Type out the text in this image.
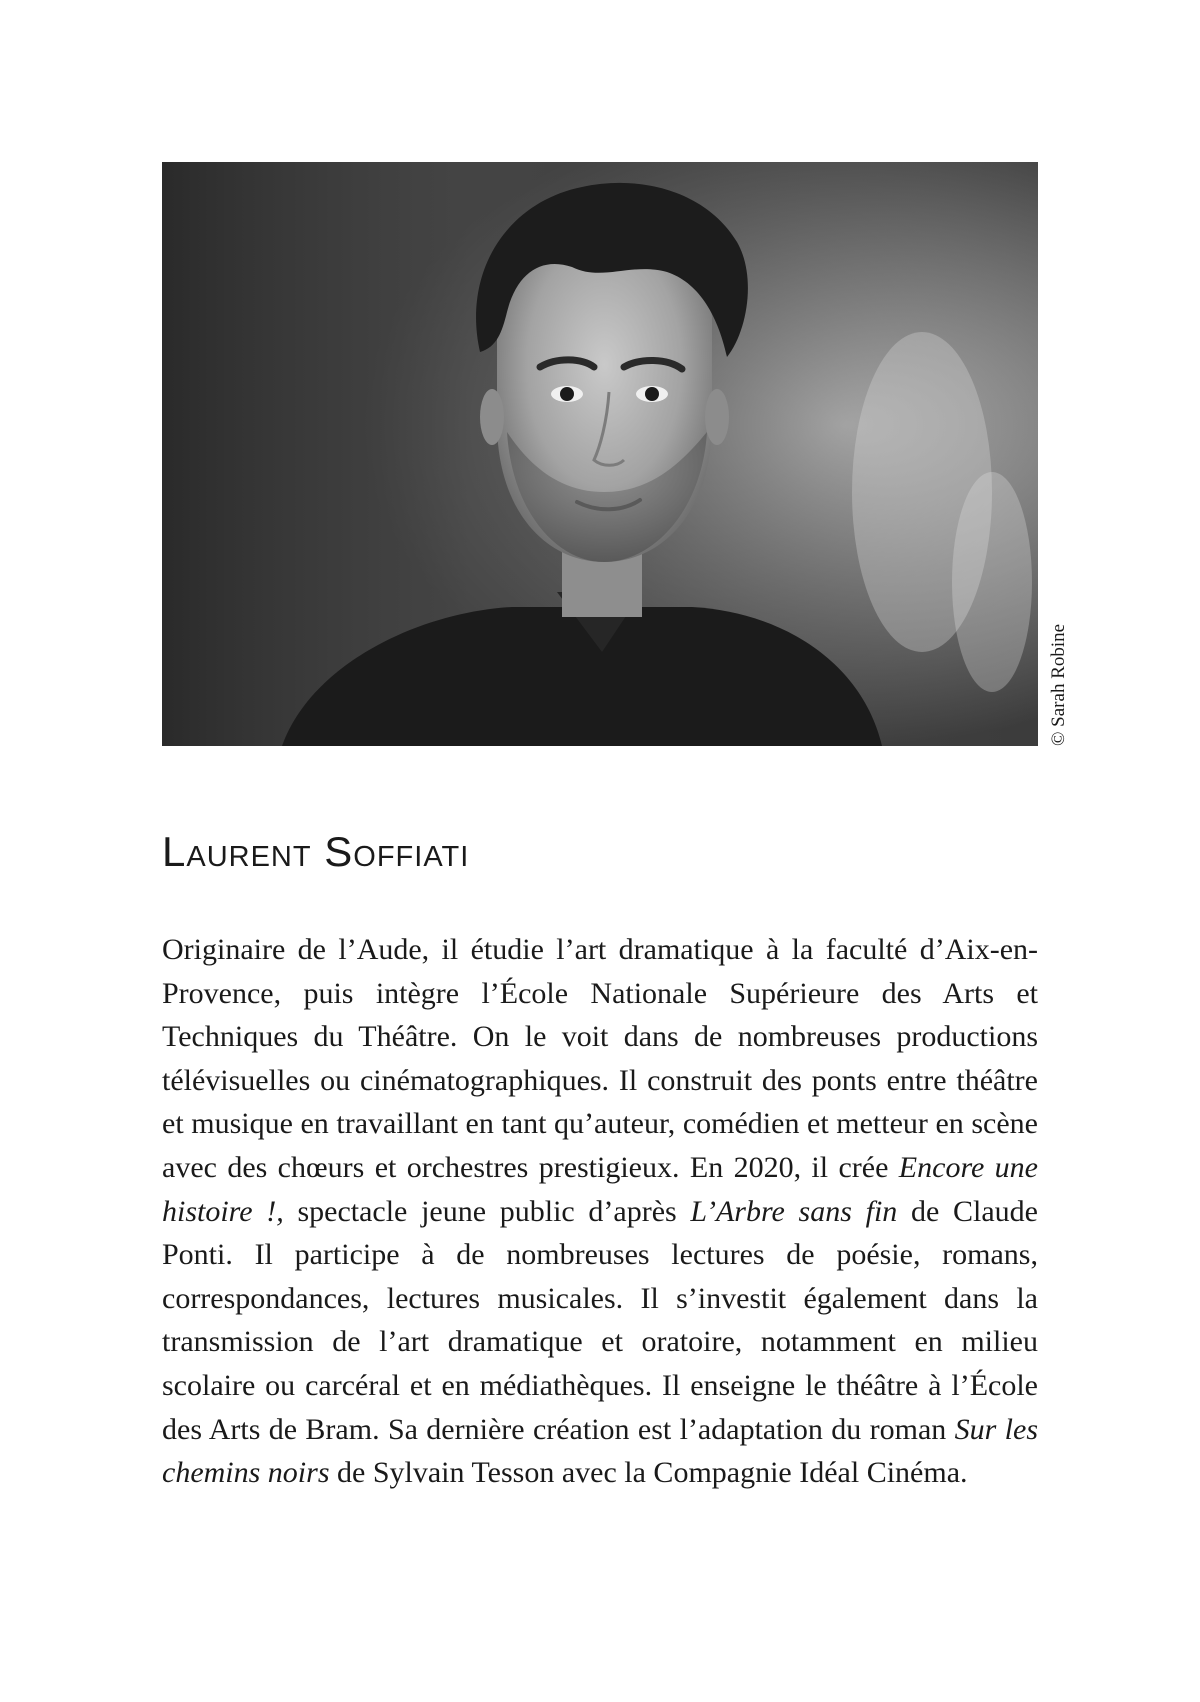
© Sarah Robine
Laurent Soffiati

Originaire de l’Aude, il étudie l’art dramatique à la faculté d’Aix-en-Provence, puis intègre l’École Nationale Supérieure des Arts et Techniques du Théâtre. On le voit dans de nombreuses productions télévisuelles ou cinématographiques. Il construit des ponts entre théâtre et musique en travaillant en tant qu’auteur, comédien et metteur en scène avec des chœurs et orchestres prestigieux. En 2020, il crée Encore une histoire !, spectacle jeune public d’après L’Arbre sans fin de Claude Ponti. Il participe à de nombreuses lectures de poésie, romans, correspondances, lectures musicales. Il s’investit également dans la transmission de l’art dramatique et oratoire, notamment en milieu scolaire ou carcéral et en médiathèques. Il enseigne le théâtre à l’École des Arts de Bram. Sa dernière création est l’adaptation du roman Sur les chemins noirs de Sylvain Tesson avec la Compagnie Idéal Cinéma.
